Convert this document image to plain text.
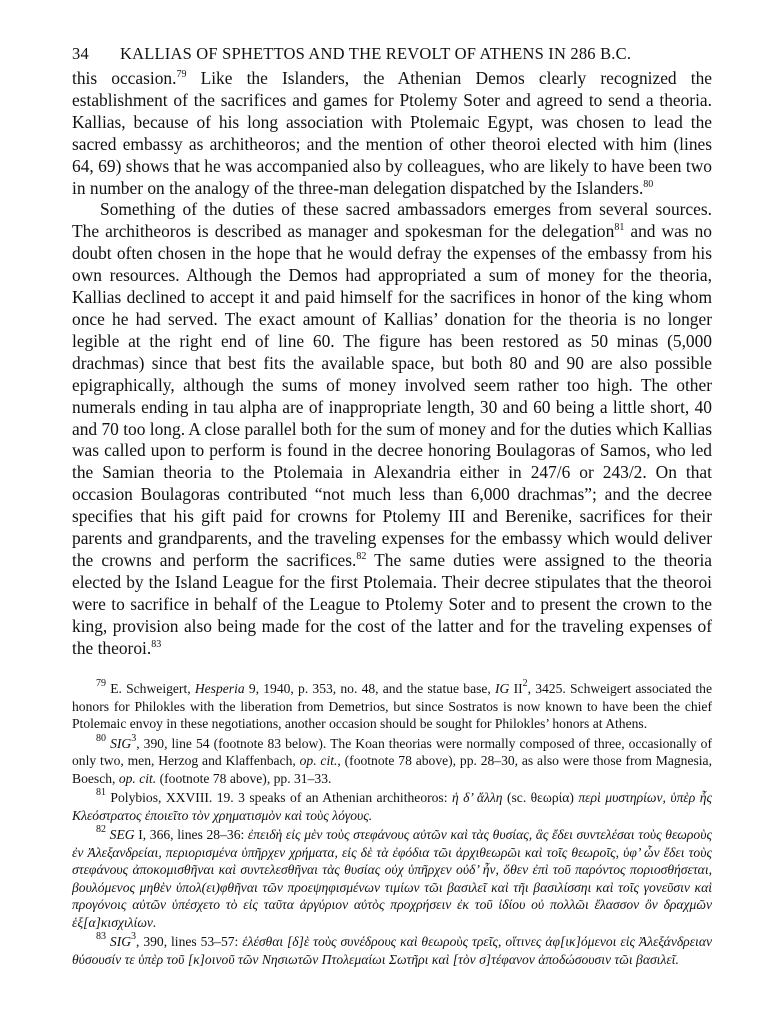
34 KALLIAS OF SPHETTOS AND THE REVOLT OF ATHENS IN 286 B.C.

this occasion.$^{79}$ Like the Islanders, the Athenian Demos clearly recognized the establishment of the sacrifices and games for Ptolemy Soter and agreed to send a theoria. Kallias, because of his long association with Ptolemaic Egypt, was chosen to lead the sacred embassy as architheoros; and the mention of other theoroi elected with him (lines 64, 69) shows that he was accompanied also by colleagues, who are likely to have been two in number on the analogy of the three-man delegation dispatched by the Islanders.$^{80}$

Something of the duties of these sacred ambassadors emerges from several sources. The architheoros is described as manager and spokesman for the delegation$^{81}$ and was no doubt often chosen in the hope that he would defray the expenses of the embassy from his own resources. Although the Demos had appropriated a sum of money for the theoria, Kallias declined to accept it and paid himself for the sacrifices in honor of the king whom once he had served. The exact amount of Kallias’ donation for the theoria is no longer legible at the right end of line 60. The figure has been restored as 50 minas (5,000 drachmas) since that best fits the available space, but both 80 and 90 are also possible epigraphically, although the sums of money involved seem rather too high. The other numerals ending in tau alpha are of inappropriate length, 30 and 60 being a little short, 40 and 70 too long. A close parallel both for the sum of money and for the duties which Kallias was called upon to perform is found in the decree honoring Boulagoras of Samos, who led the Samian theoria to the Ptolemaia in Alexandria either in 247/6 or 243/2. On that occasion Boulagoras contributed “not much less than 6,000 drachmas”; and the decree specifies that his gift paid for crowns for Ptolemy III and Berenike, sacrifices for their parents and grandparents, and the traveling expenses for the embassy which would deliver the crowns and perform the sacrifices.$^{82}$ The same duties were assigned to the theoria elected by the Island League for the first Ptolemaia. Their decree stipulates that the theoroi were to sacrifice in behalf of the League to Ptolemy Soter and to present the crown to the king, provision also being made for the cost of the latter and for the traveling expenses of the theoroi.$^{83}$

$^{79}$ E. Schweigert, Hesperia 9, 1940, p. 353, no. 48, and the statue base, IG $II^2$, 3425. Schweigert associated the honors for Philokles with the liberation from Demetrios, but since Sostratos is now known to have been the chief Ptolemaic envoy in these negotiations, another occasion should be sought for Philokles’ honors at Athens.

$^{80}$ SIG$^3$, 390, line 54 (footnote 83 below). The Koan theorias were normally composed of three, occasionally of only two, men, Herzog and Klaffenbach, op. cit., (footnote 78 above), pp. 28–30, as also were those from Magnesia, Boesch, op. cit. (footnote 78 above), pp. 31–33.

$^{81}$ Polybios, XXVIII. 19. 3 speaks of an Athenian architheoros: ἡ δ’ ἄλλη (sc. θεωρία) περὶ μυστηρίων, ὑπὲρ ἧς Κλεόστρατος ἐποιεῖτο τὸν χρηματισμὸν καὶ τοὺς λόγους.

$^{82}$ SEG I, 366, lines 28–36: ἐπειδὴ εἰς μὲν τοὺς στεφάνους αὐτῶν καὶ τὰς θυσίας, ἃς ἔδει συντελέσαι τοὺς θεωροὺς ἐν Ἀλεξανδρείαι, περιορισμένα ὑπῆρχεν χρήματα, εἰς δὲ τὰ ἐφόδια τῶι ἀρχιθεωρῶι καὶ τοῖς θεωροῖς, ὑφ’ ὧν ἔδει τοὺς στεφάνους ἀποκομισθῆναι καὶ συντελεσθῆναι τὰς θυσίας οὐχ ὑπῆρχεν οὐδ’ ἦν, ὅθεν ἐπὶ τοῦ παρόντος ποριοσθήσεται, βουλόμενος μηθὲν ὑπολ(ει)φθῆναι τῶν προεψηφισμένων τιμίων τῶι βασιλεῖ καὶ τῆι βασιλίσσηι καὶ τοῖς γονεῦσιν καὶ προγόνοις αὐτῶν ὑπέσχετο τὸ εἰς ταῦτα ἀργύριον αὐτὸς προχρήσειν ἐκ τοῦ ἰδίου οὐ πολλῶι ἔλασσον ὂν δραχμῶν ἑξ[α]κισχιλίων.

$^{83}$ SIG$^3$, 390, lines 53–57: ἑλέσθαι [δ]ὲ τοὺς συνέδρους καὶ θεωροὺς τρεῖς, οἵτινες ἀφ[ικ]όμενοι εἰς Ἀλεξάνδρειαν θύσουσίν τε ὑπὲρ τοῦ [κ]οινοῦ τῶν Νησιωτῶν Πτολεμαίωι Σωτῆρι καὶ [τὸν σ]τέφανον ἀποδώσουσιν τῶι βασιλεῖ.
